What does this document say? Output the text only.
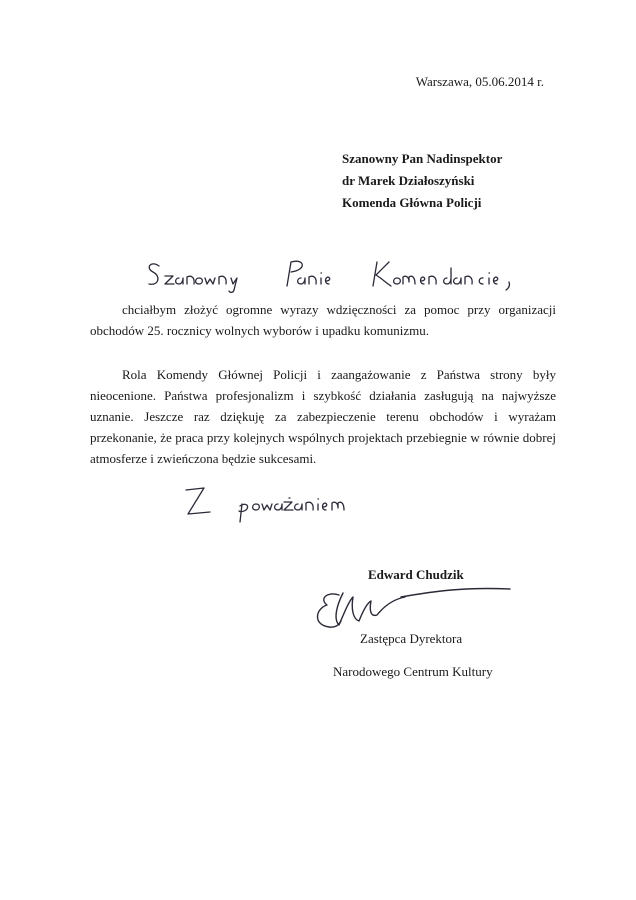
Warszawa, 05.06.2014 r.
Szanowny Pan Nadinspektor
dr Marek Działoszyński
Komenda Główna Policji
chciałbym złożyć ogromne wyrazy wdzięczności za pomoc przy organizacji obchodów 25. rocznicy wolnych wyborów i upadku komunizmu.
Rola Komendy Głównej Policji i zaangażowanie z Państwa strony były nieocenione. Państwa profesjonalizm i szybkość działania zasługują na najwyższe uznanie. Jeszcze raz dziękuję za zabezpieczenie terenu obchodów i wyrażam przekonanie, że praca przy kolejnych wspólnych projektach przebiegnie w równie dobrej atmosferze i zwieńczona będzie sukcesami.
Edward Chudzik
Zastępca Dyrektora
Narodowego Centrum Kultury
